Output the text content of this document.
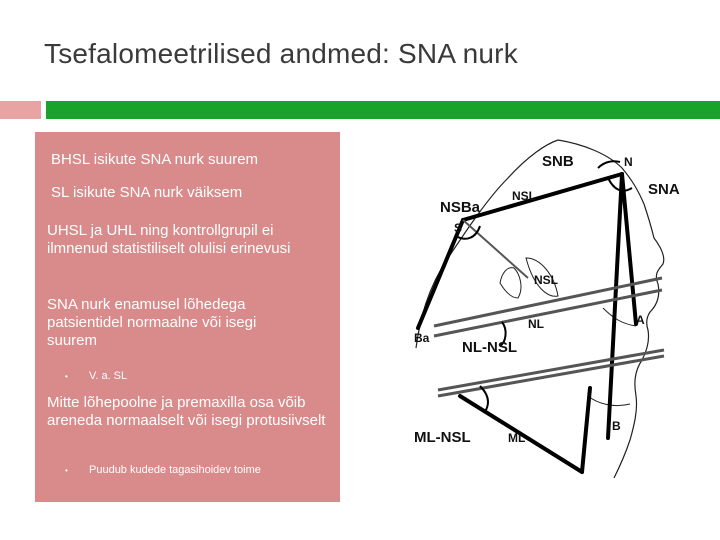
Tsefalomeetrilised andmed: SNA nurk
BHSL isikute SNA nurk suurem
SL isikute SNA nurk väiksem
UHSL ja UHL ning kontrollgrupil ei ilmnenud statistiliselt olulisi erinevusi
SNA nurk enamusel lõhedega patsientidel normaalne või isegi suurem
• V. a. SL
Mitte lõhepoolne ja premaxilla osa võib areneda normaalselt või isegi protusiivselt
• Puudub kudede tagasihoidev toime
SNB	N
SNA
NSBa
NSL
S
NSL
Ba
NL	A
NL-NSL
ML-NSL	ML
B
